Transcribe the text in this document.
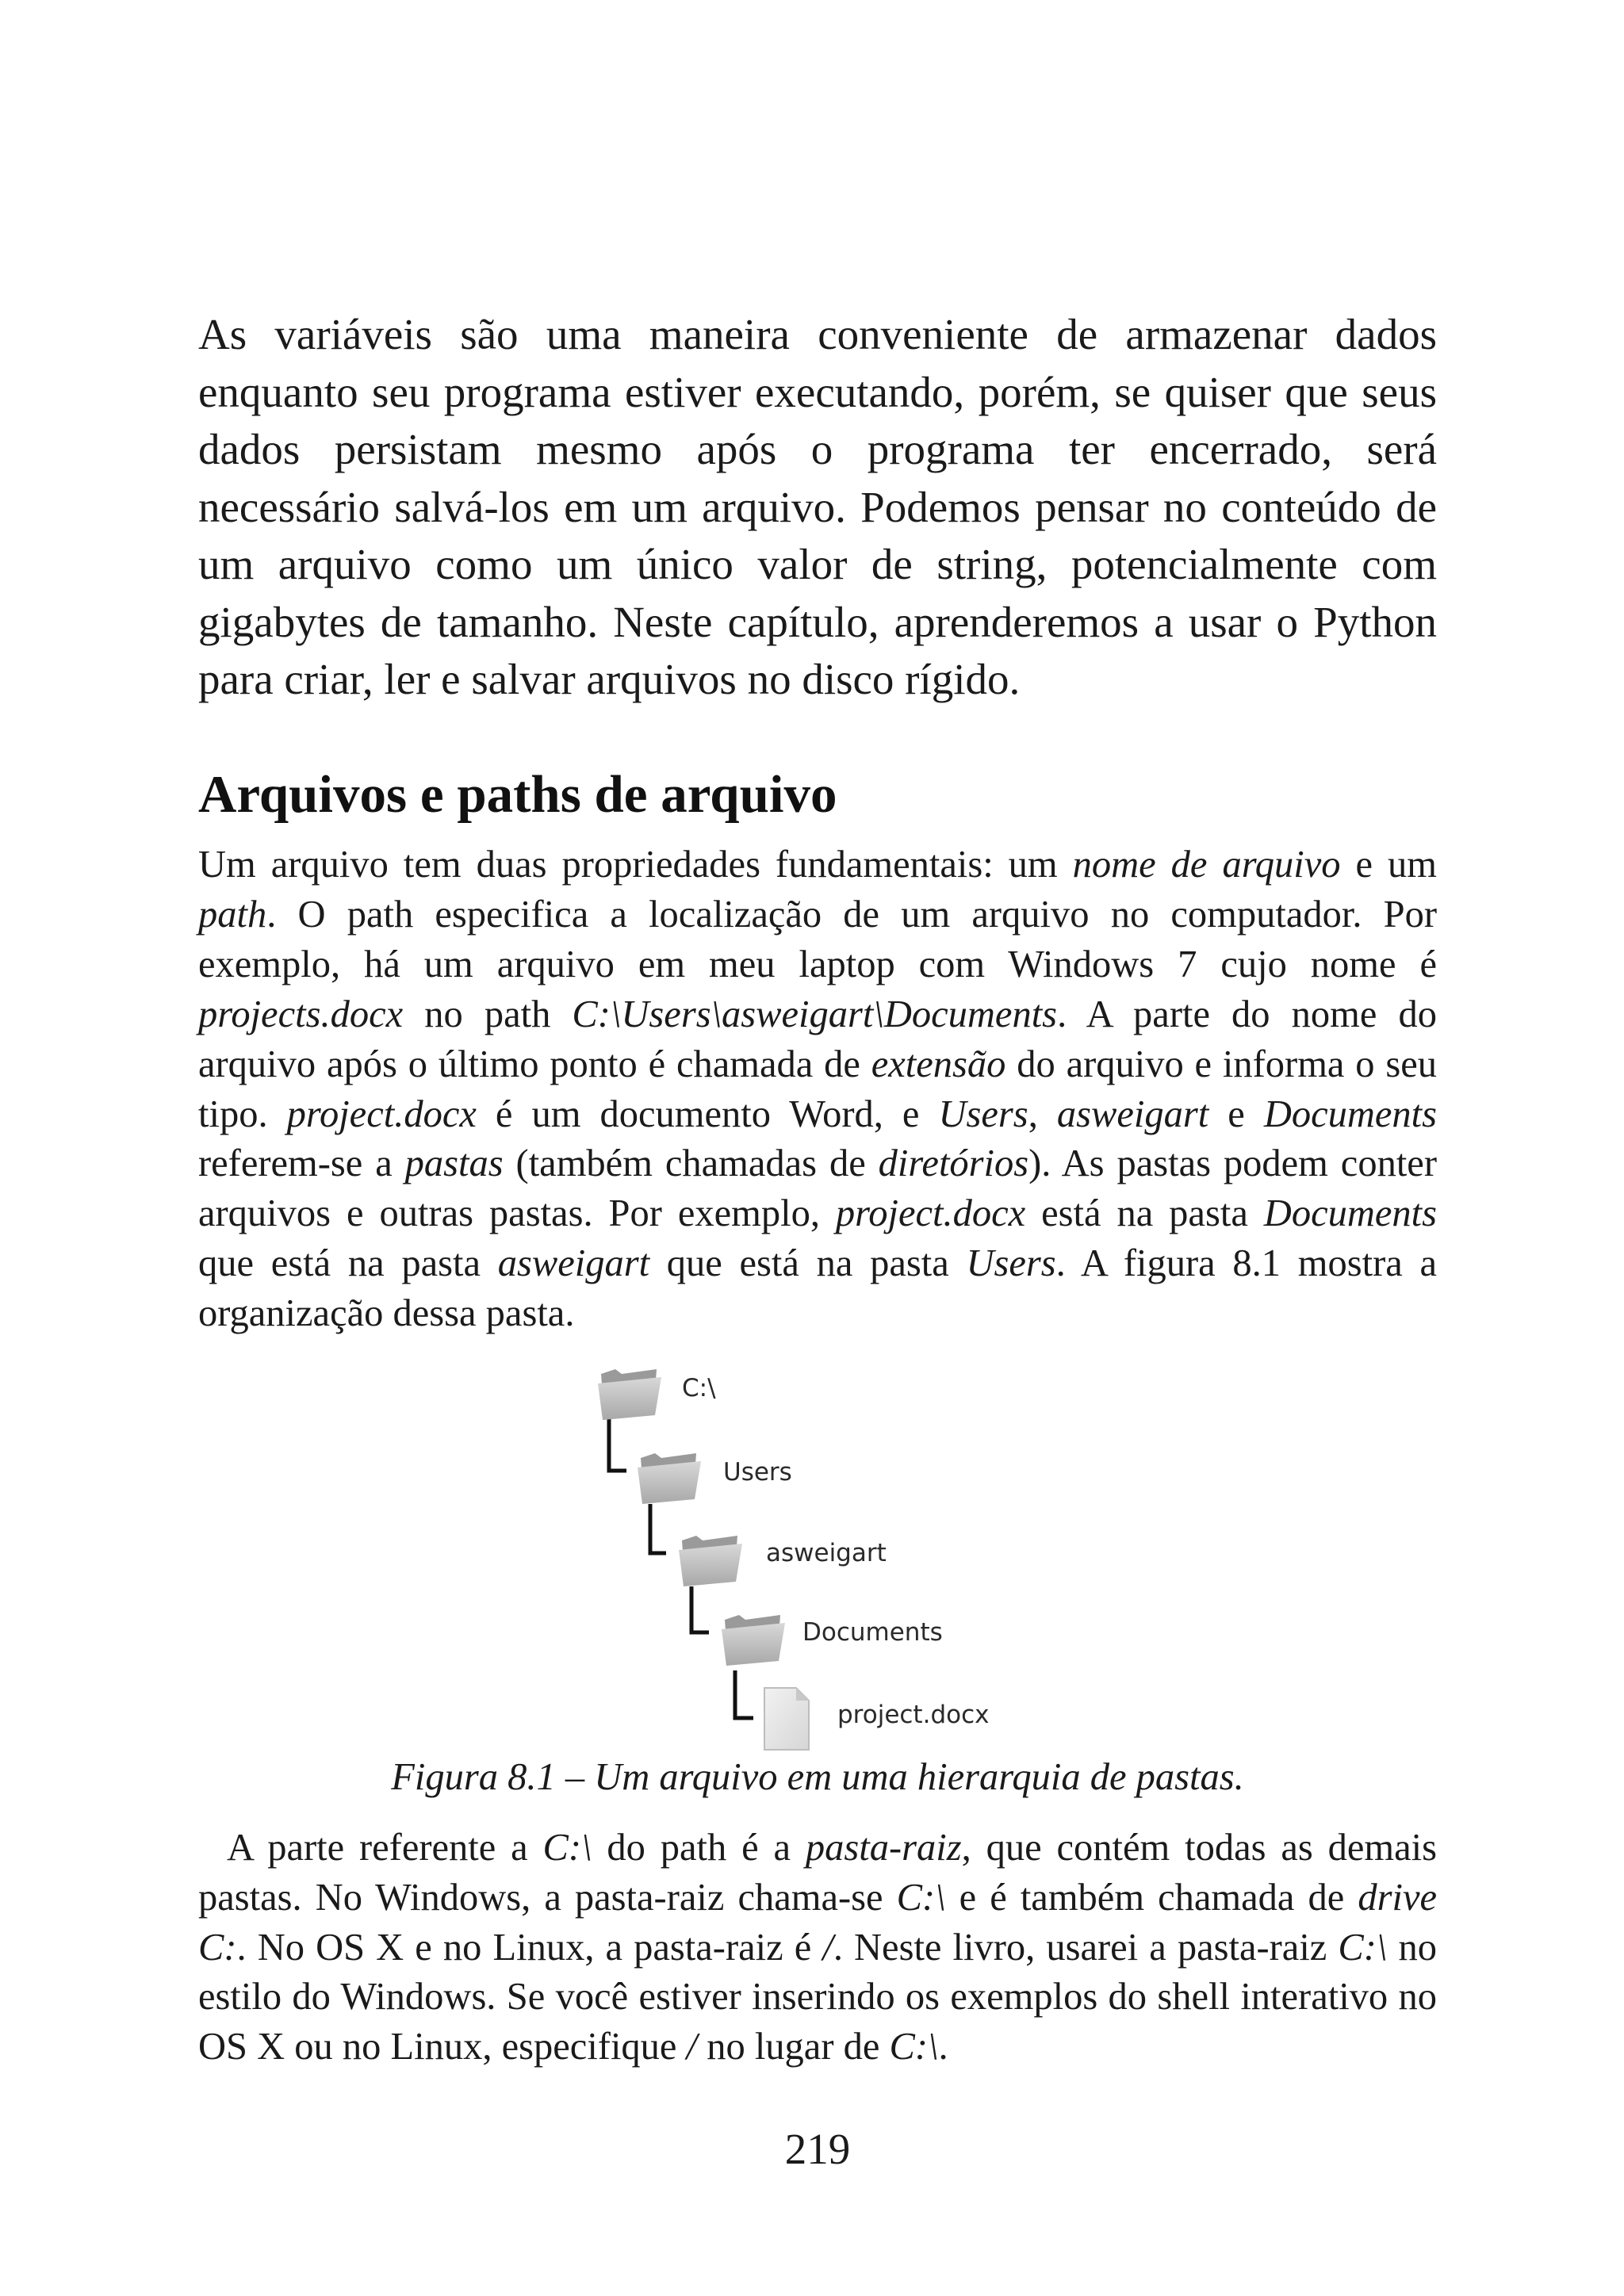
As variáveis são uma maneira conveniente de armazenar dados enquanto seu programa estiver executando, porém, se quiser que seus dados persistam mesmo após o programa ter encerrado, será necessário salvá-los em um arquivo. Podemos pensar no conteúdo de um arquivo como um único valor de string, potencialmente com gigabytes de tamanho. Neste capítulo, aprenderemos a usar o Python para criar, ler e salvar arquivos no disco rígido.

Arquivos e paths de arquivo

Um arquivo tem duas propriedades fundamentais: um nome de arquivo e um path. O path especifica a localização de um arquivo no computador. Por exemplo, há um arquivo em meu laptop com Windows 7 cujo nome é projects.docx no path C:\Users\asweigart\Documents. A parte do nome do arquivo após o último ponto é chamada de extensão do arquivo e informa o seu tipo. project.docx é um documento Word, e Users, asweigart e Documents referem-se a pastas (também chamadas de diretórios). As pastas podem conter arquivos e outras pastas. Por exemplo, project.docx está na pasta Documents que está na pasta asweigart que está na pasta Users. A figura 8.1 mostra a organização dessa pasta.

C:\
Users
asweigart
Documents
project.docx

Figura 8.1 – Um arquivo em uma hierarquia de pastas.

A parte referente a C:\ do path é a pasta-raiz, que contém todas as demais pastas. No Windows, a pasta-raiz chama-se C:\ e é também chamada de drive C:. No OS X e no Linux, a pasta-raiz é /. Neste livro, usarei a pasta-raiz C:\ no estilo do Windows. Se você estiver inserindo os exemplos do shell interativo no OS X ou no Linux, especifique / no lugar de C:\.

219
